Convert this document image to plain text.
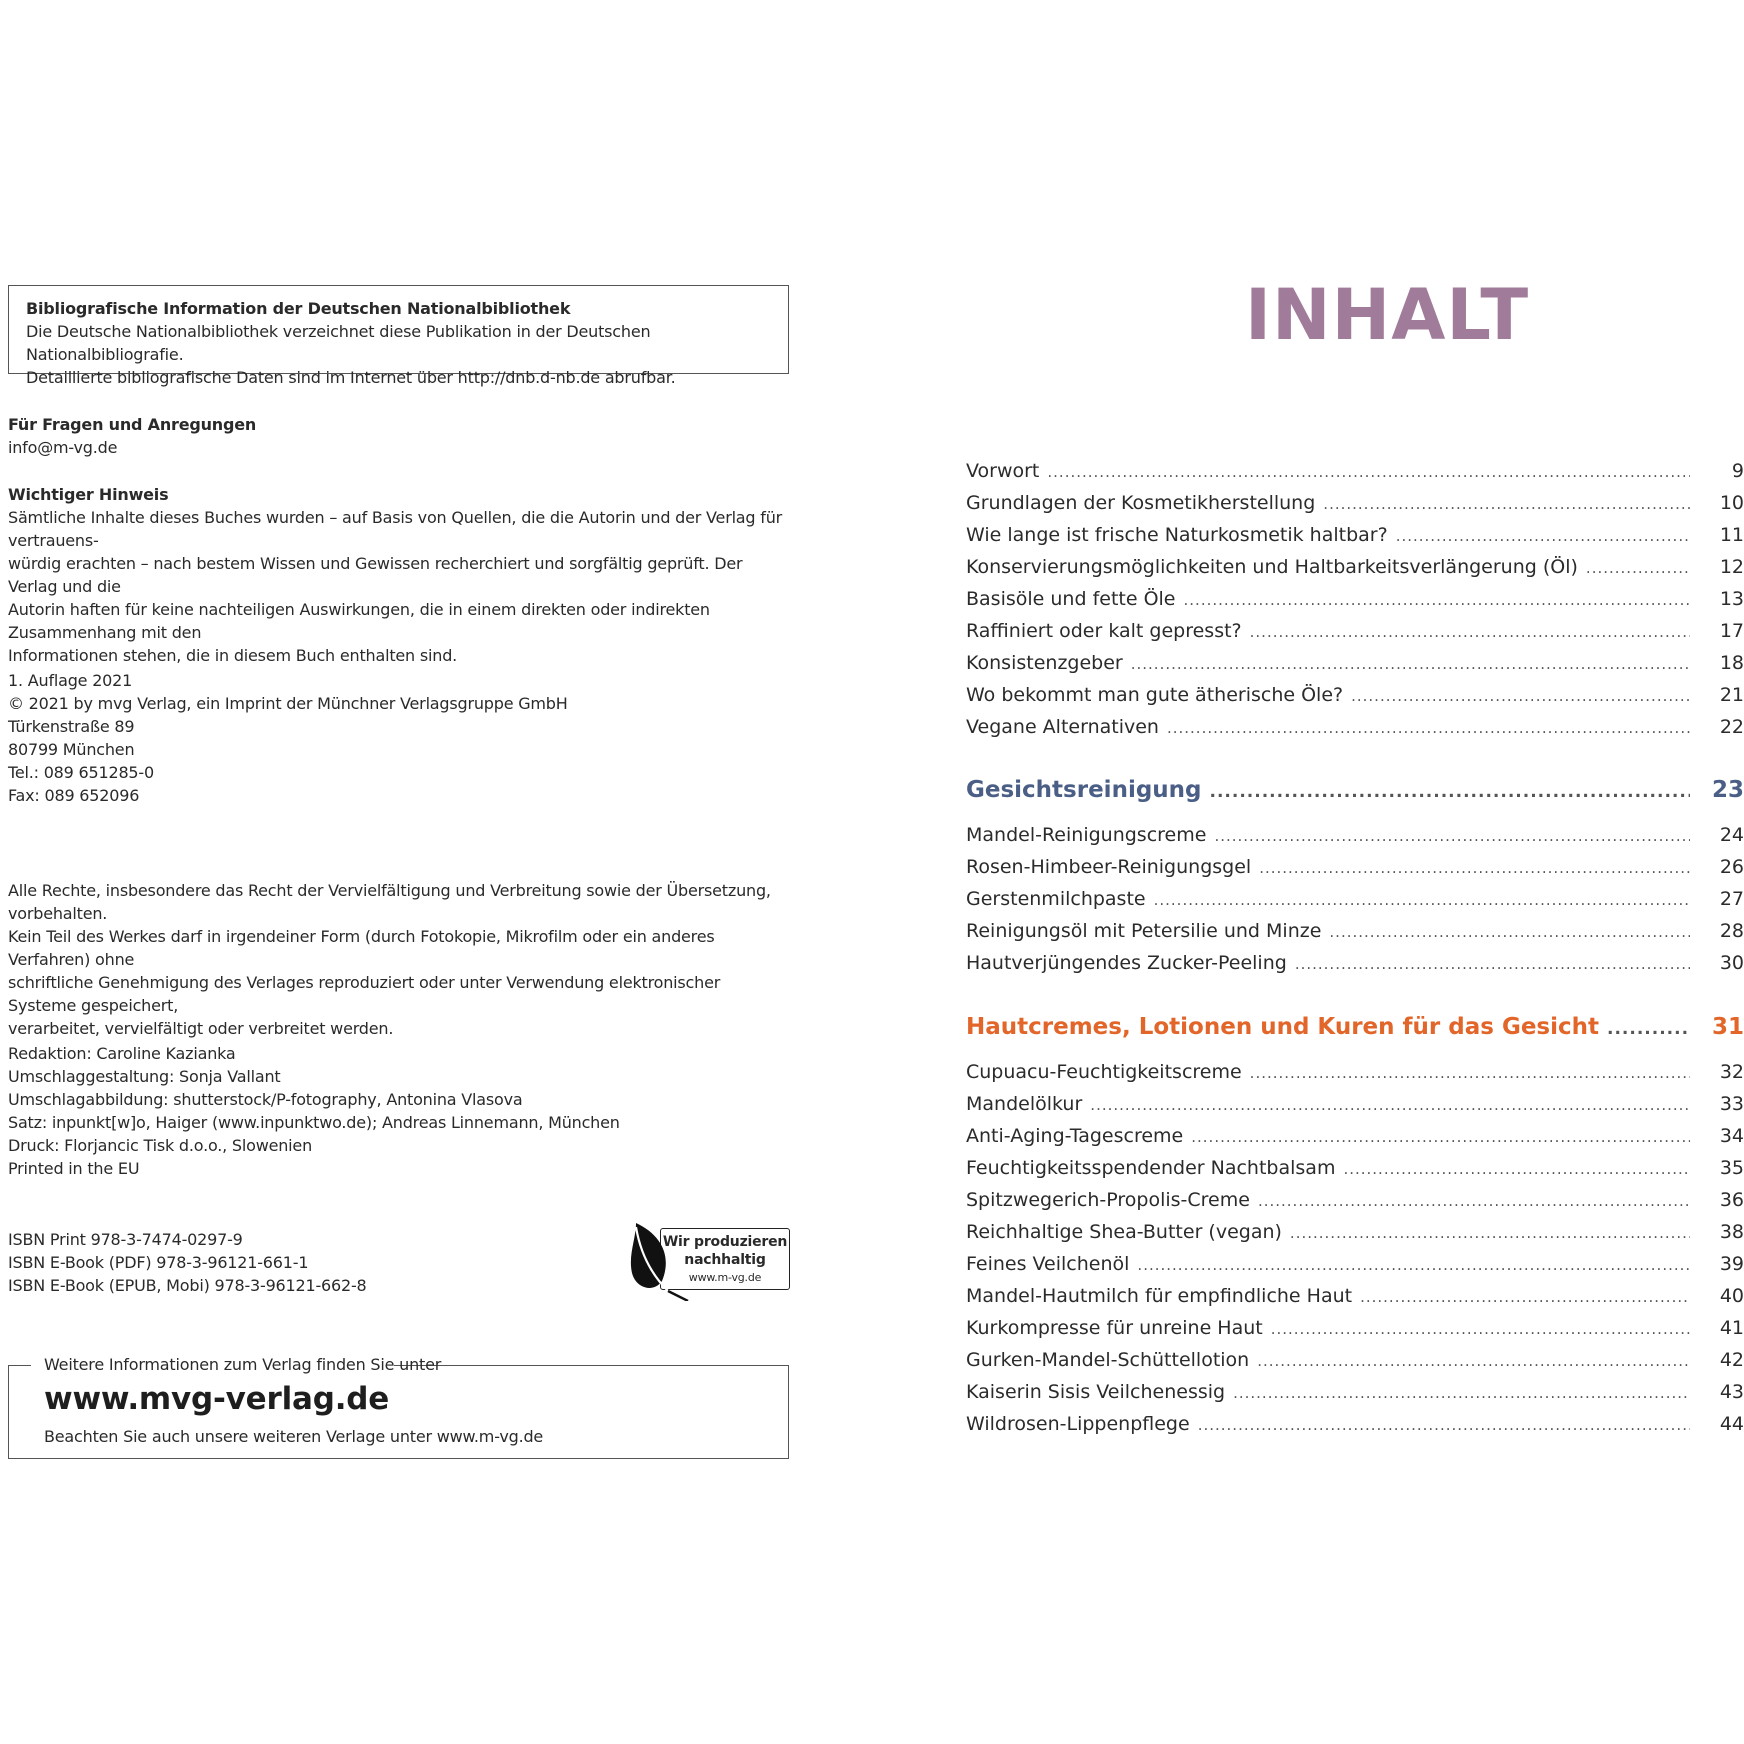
Bibliografische Information der Deutschen Nationalbibliothek
Die Deutsche Nationalbibliothek verzeichnet diese Publikation in der Deutschen Nationalbibliografie.
Detaillierte bibliografische Daten sind im Internet über http://dnb.d-nb.de abrufbar.
Für Fragen und Anregungen
info@m-vg.de
Wichtiger Hinweis
Sämtliche Inhalte dieses Buches wurden – auf Basis von Quellen, die die Autorin und der Verlag für vertrauens-
würdig erachten – nach bestem Wissen und Gewissen recherchiert und sorgfältig geprüft. Der Verlag und die
Autorin haften für keine nachteiligen Auswirkungen, die in einem direkten oder indirekten Zusammenhang mit den
Informationen stehen, die in diesem Buch enthalten sind.
1. Auflage 2021
© 2021 by mvg Verlag, ein Imprint der Münchner Verlagsgruppe GmbH
Türkenstraße 89
80799 München
Tel.: 089 651285-0
Fax: 089 652096
Alle Rechte, insbesondere das Recht der Vervielfältigung und Verbreitung sowie der Übersetzung, vorbehalten.
Kein Teil des Werkes darf in irgendeiner Form (durch Fotokopie, Mikrofilm oder ein anderes Verfahren) ohne
schriftliche Genehmigung des Verlages reproduziert oder unter Verwendung elektronischer Systeme gespeichert,
verarbeitet, vervielfältigt oder verbreitet werden.
Redaktion: Caroline Kazianka
Umschlaggestaltung: Sonja Vallant
Umschlagabbildung: shutterstock/P-fotography, Antonina Vlasova
Satz: inpunkt[w]o, Haiger (www.inpunktwo.de); Andreas Linnemann, München
Druck: Florjancic Tisk d.o.o., Slowenien
Printed in the EU
ISBN Print 978-3-7474-0297-9
ISBN E-Book (PDF) 978-3-96121-661-1
ISBN E-Book (EPUB, Mobi) 978-3-96121-662-8
Wir produzieren
nachhaltig
www.m-vg.de
Weitere Informationen zum Verlag finden Sie unter
www.mvg-verlag.de
Beachten Sie auch unsere weiteren Verlage unter www.m-vg.de
INHALT
Vorwort .....	9
Grundlagen der Kosmetikherstellung .....	10
Wie lange ist frische Naturkosmetik haltbar? .....	11
Konservierungsmöglichkeiten und Haltbarkeitsverlängerung (Öl) .....	12
Basisöle und fette Öle .....	13
Raffiniert oder kalt gepresst? .....	17
Konsistenzgeber .....	18
Wo bekommt man gute ätherische Öle? .....	21
Vegane Alternativen .....	22
Gesichtsreinigung .....	23
Mandel-Reinigungscreme .....	24
Rosen-Himbeer-Reinigungsgel .....	26
Gerstenmilchpaste .....	27
Reinigungsöl mit Petersilie und Minze .....	28
Hautverjüngendes Zucker-Peeling .....	30
Hautcremes, Lotionen und Kuren für das Gesicht .....	31
Cupuacu-Feuchtigkeitscreme .....	32
Mandelölkur .....	33
Anti-Aging-Tagescreme .....	34
Feuchtigkeitsspendender Nachtbalsam .....	35
Spitzwegerich-Propolis-Creme .....	36
Reichhaltige Shea-Butter (vegan) .....	38
Feines Veilchenöl .....	39
Mandel-Hautmilch für empfindliche Haut .....	40
Kurkompresse für unreine Haut .....	41
Gurken-Mandel-Schüttellotion .....	42
Kaiserin Sisis Veilchenessig .....	43
Wildrosen-Lippenpflege .....	44
